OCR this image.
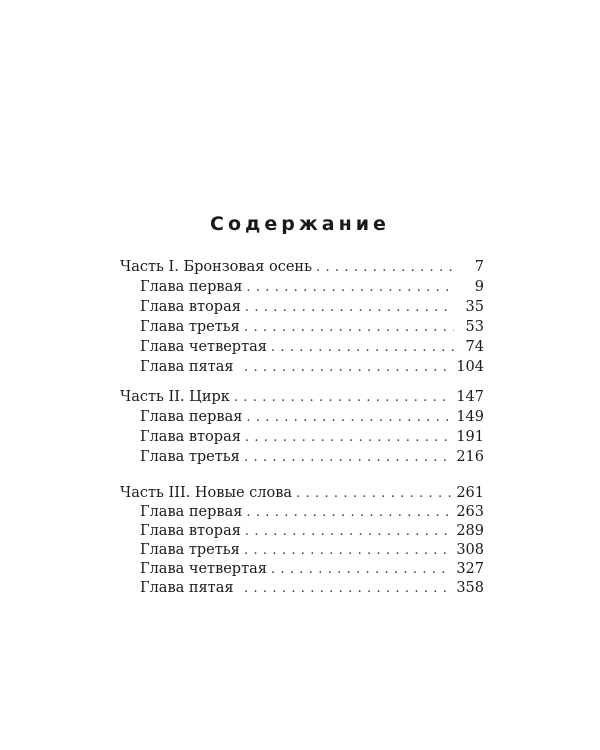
Содержание
Часть I. Бронзовая осень . . .	7
Глава первая . . .	9
Глава вторая . . .	35
Глава третья . . .	53
Глава четвертая . . .	74
Глава пятая . . .	104
Часть II. Цирк . . .	147
Глава первая . . .	149
Глава вторая . . .	191
Глава третья . . .	216
Часть III. Новые слова . . .	261
Глава первая . . .	263
Глава вторая . . .	289
Глава третья . . .	308
Глава четвертая . . .	327
Глава пятая . . .	358
